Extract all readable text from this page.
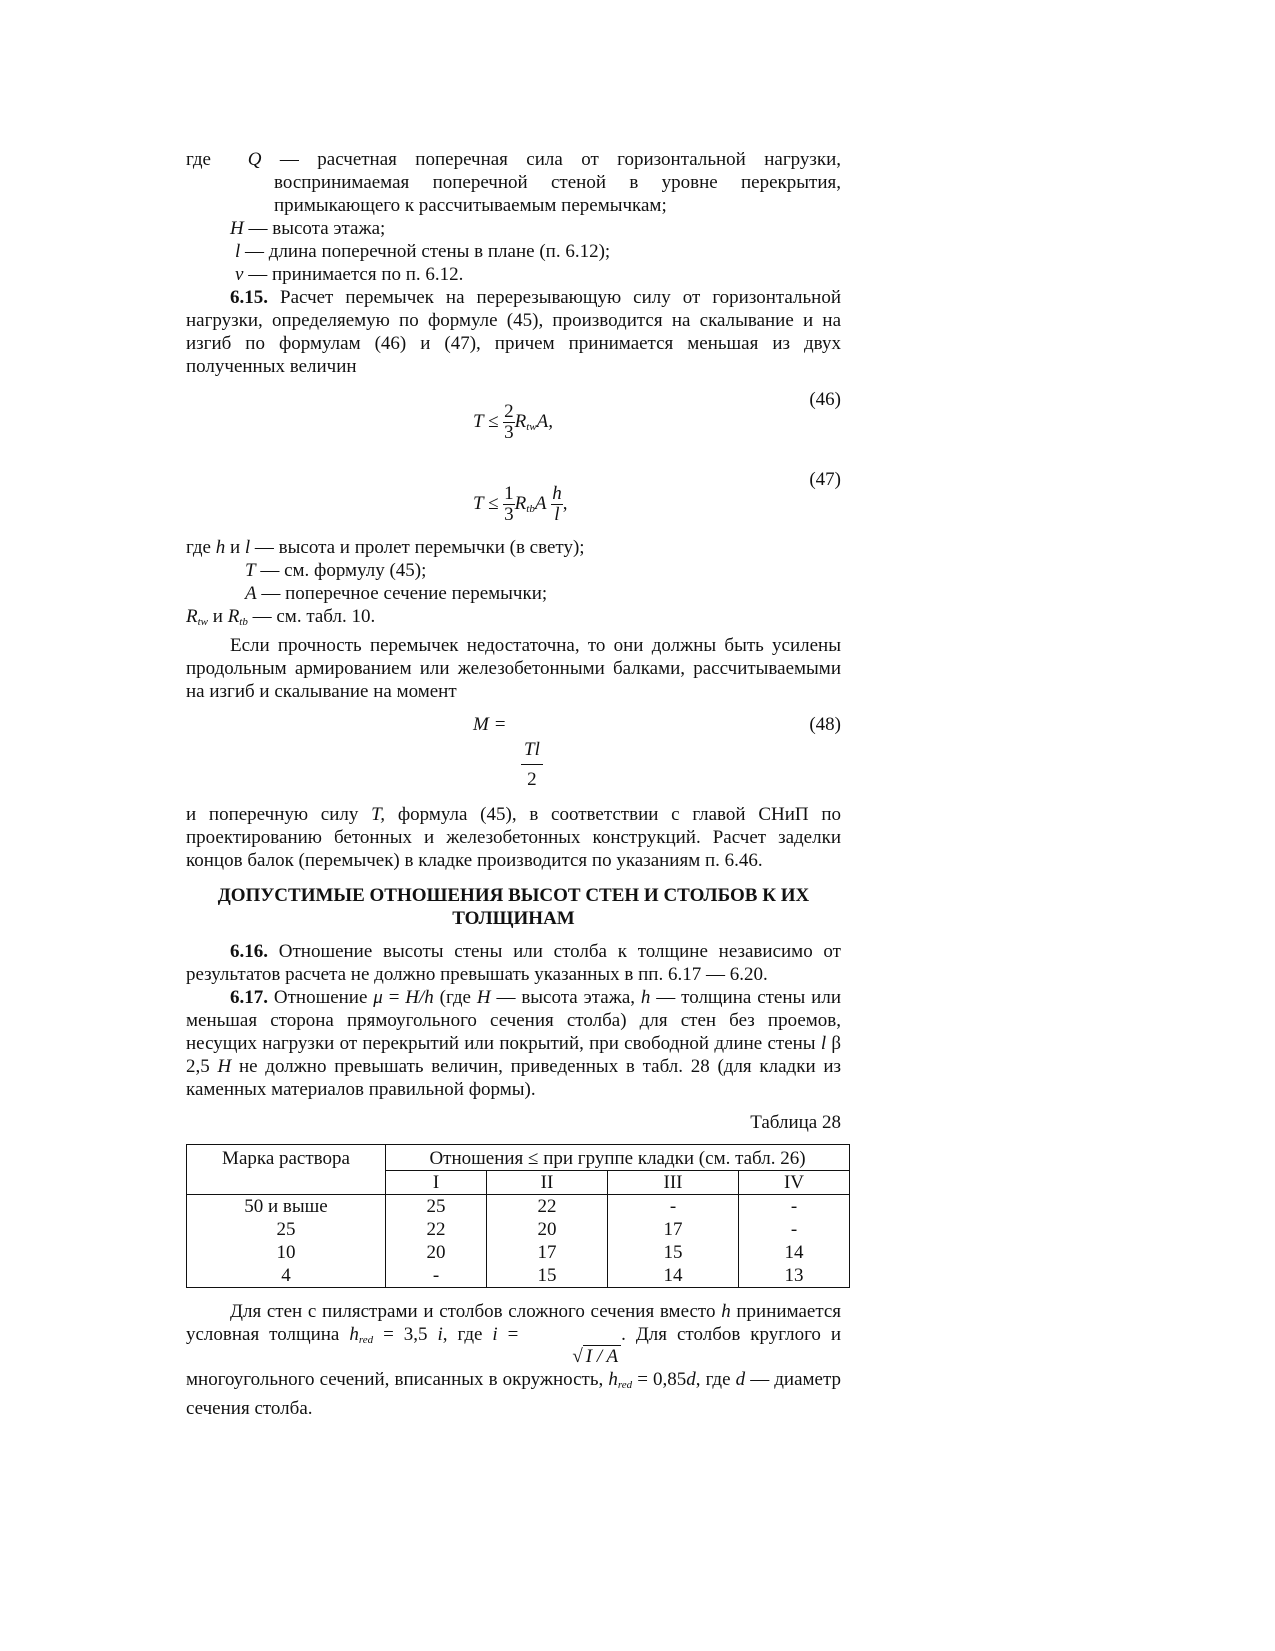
где Q — расчетная поперечная сила от горизонтальной нагрузки, воспринимаемая поперечной стеной в уровне перекрытия, примыкающего к рассчитываемым перемычкам;

H — высота этажа;

l — длина поперечной стены в плане (п. 6.12);

v — принимается по п. 6.12.

6.15. Расчет перемычек на перерезывающую силу от горизонтальной нагрузки, определяемую по формуле (45), производится на скалывание и на изгиб по формулам (46) и (47), причем принимается меньшая из двух полученных величин

(46)
$T \le \frac{2}{3} R_{tw}A$,
(47)
$T \le \frac{1}{3} R_{tb}A \frac{h}{l}$ ,

где h и l — высота и пролет перемычки (в свету);

T — см. формулу (45);

A — поперечное сечение перемычки;

$R_{tw}$ и $R_{tb}$ — см. табл. 10.

Если прочность перемычек недостаточна, то они должны быть усилены продольным армированием или железобетонными балками, рассчитываемыми на изгиб и скалывание на момент

(48)
M =
$\frac{Tl}{2}$

и поперечную силу T, формула (45), в соответствии с главой СНиП по проектированию бетонных и железобетонных конструкций. Расчет заделки концов балок (перемычек) в кладке производится по указаниям п. 6.46.

ДОПУСТИМЫЕ ОТНОШЕНИЯ ВЫСОТ СТЕН И СТОЛБОВ К ИХ ТОЛЩИНАМ

6.16. Отношение высоты стены или столба к толщине независимо от результатов расчета не должно превышать указанных в пп. 6.17 — 6.20.

6.17. Отношение μ = H/h (где H — высота этажа, h — толщина стены или меньшая сторона прямоугольного сечения столба) для стен без проемов, несущих нагрузки от перекрытий или покрытий, при свободной длине стены l β 2,5 H не должно превышать величин, приведенных в табл. 28 (для кладки из каменных материалов правильной формы).

Таблица 28

Марка раствора	Отношения ≤ при группе кладки (см. табл. 26)			
	I	II	III	IV
50 и выше	25	22	-	-
25	22	20	17	-
10	20	17	15	14
4	-	15	14	13

Для стен с пилястрами и столбов сложного сечения вместо h принимается условная толщина $h_{red} = 3,5$ i, где i = √ I / A. Для столбов круглого и многоугольного сечений, вписанных в окружность, $h_{red} = 0,85d$, где d — диаметр сечения столба.
